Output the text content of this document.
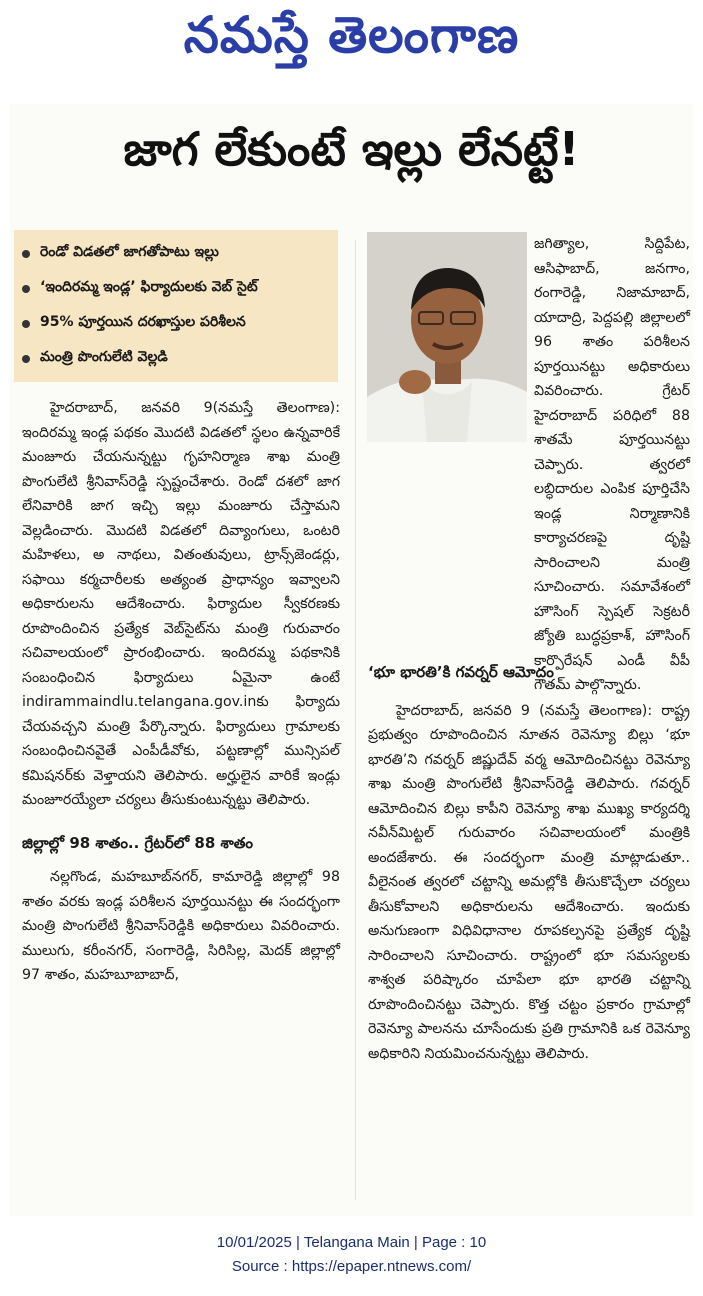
నమస్తే తెలంగాణ
జాగ లేకుంటే ఇల్లు లేనట్టే!
రెండో విడతలో జాగతోపాటు ఇల్లు
‘ఇందిరమ్మ ఇండ్ల’ ఫిర్యాదులకు వెబ్ సైట్
95% పూర్తయిన దరఖాస్తుల పరిశీలన
మంత్రి పొంగులేటి వెల్లడి

హైదరాబాద్, జనవరి 9(నమస్తే తెలంగాణ): ఇందిరమ్మ ఇండ్ల పథకం మొదటి విడతలో స్థలం ఉన్నవారికే మంజూరు చేయనున్నట్టు గృహనిర్మాణ శాఖ మంత్రి పొంగులేటి శ్రీనివాస్‌రెడ్డి స్పష్టంచేశారు. రెండో దశలో జాగ లేనివారికి జాగ ఇచ్చి ఇల్లు మంజూరు చేస్తామని వెల్లడించారు. మొదటి విడతలో దివ్యాంగులు, ఒంటరి మహిళలు, అ నాథలు, వితంతువులు, ట్రాన్స్‌జెండర్లు, సఫాయి కర్మచారీలకు అత్యంత ప్రాధాన్యం ఇవ్వాలని అధికారులను ఆదేశించారు. ఫిర్యాదుల స్వీకరణకు రూపొందించిన ప్రత్యేక వెబ్‌సైట్‌ను మంత్రి గురువారం సచివాలయంలో ప్రారంభించారు. ఇందిరమ్మ పథకానికి సంబంధించిన ఫిర్యాదులు ఏమైనా ఉంటే indirammaindlu.telangana.gov.inకు ఫిర్యాదు చేయవచ్చని మంత్రి పేర్కొన్నారు. ఫిర్యాదులు గ్రామాలకు సంబంధించినవైతే ఎంపీడీవోకు, పట్టణాల్లో మున్సిపల్ కమిషనర్‌కు వెళ్తాయని తెలిపారు. అర్హులైన వారికే ఇండ్లు మంజూరయ్యేలా చర్యలు తీసుకుంటున్నట్టు తెలిపారు.

జిల్లాల్లో 98 శాతం.. గ్రేటర్‌లో 88 శాతం

నల్లగొండ, మహబూబ్‌నగర్, కామారెడ్డి జిల్లాల్లో 98 శాతం వరకు ఇండ్ల పరిశీలన పూర్తయినట్టు ఈ సందర్భంగా మంత్రి పొంగులేటి శ్రీనివాస్‌రెడ్డికి అధికారులు వివరించారు. ములుగు, కరీంనగర్, సంగారెడ్డి, సిరిసిల్ల, మెదక్ జిల్లాల్లో 97 శాతం, మహబూబాబాద్,

జగిత్యాల, సిద్దిపేట, ఆసిఫాబాద్, జనగాం, రంగారెడ్డి, నిజామాబాద్, యాదాద్రి, పెద్దపల్లి జిల్లాలలో 96 శాతం పరిశీలన పూర్తయినట్టు అధికారులు వివరించారు. గ్రేటర్ హైదరాబాద్ పరిధిలో 88 శాతమే పూర్తయినట్టు చెప్పారు. త్వరలో లబ్ధిదారుల ఎంపిక పూర్తిచేసి ఇండ్ల నిర్మాణానికి కార్యాచరణపై దృష్టి సారించాలని మంత్రి సూచించారు. సమావేశంలో హౌసింగ్ స్పెషల్ సెక్రటరీ జ్యోతి బుద్ధప్రకాశ్, హౌసింగ్ కార్పొరేషన్ ఎండీ వీపీ గౌతమ్ పాల్గొన్నారు.

‘భూ భారతి’కి గవర్నర్ ఆమోదం

హైదరాబాద్, జనవరి 9 (నమస్తే తెలంగాణ): రాష్ట్ర ప్రభుత్వం రూపొందించిన నూతన రెవెన్యూ బిల్లు ‘భూ భారతి’ని గవర్నర్ జిష్ణుదేవ్ వర్మ ఆమోదించినట్టు రెవెన్యూ శాఖ మంత్రి పొంగులేటి శ్రీనివాస్‌రెడ్డి తెలిపారు. గవర్నర్ ఆమోదించిన బిల్లు కాపీని రెవెన్యూ శాఖ ముఖ్య కార్యదర్శి నవీన్‌మిట్టల్ గురువారం సచివాలయంలో మంత్రికి అందజేశారు. ఈ సందర్భంగా మంత్రి మాట్లాడుతూ.. వీలైనంత త్వరలో చట్టాన్ని అమల్లోకి తీసుకొచ్చేలా చర్యలు తీసుకోవాలని అధికారులను ఆదేశించారు. ఇందుకు అనుగుణంగా విధివిధానాల రూపకల్పనపై ప్రత్యేక దృష్టి సారించాలని సూచించారు. రాష్ట్రంలో భూ సమస్యలకు శాశ్వత పరిష్కారం చూపేలా భూ భారతి చట్టాన్ని రూపొందించినట్టు చెప్పారు. కొత్త చట్టం ప్రకారం గ్రామాల్లో రెవెన్యూ పాలనను చూసేందుకు ప్రతి గ్రామానికి ఒక రెవెన్యూ అధికారిని నియమించనున్నట్టు తెలిపారు.

10/01/2025 | Telangana Main | Page : 10
Source : https://epaper.ntnews.com/
